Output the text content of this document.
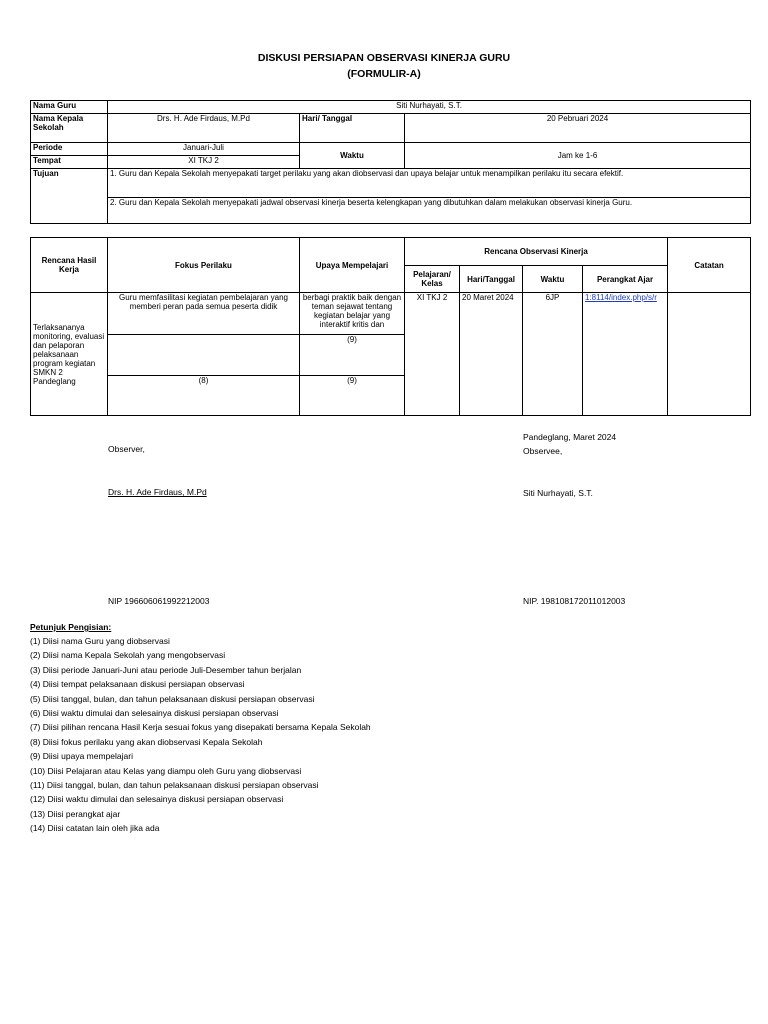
DISKUSI PERSIAPAN OBSERVASI KINERJA GURU
(FORMULIR-A)
Nama Guru	Siti Nurhayati, S.T.		
Nama Kepala Sekolah	Drs. H. Ade Firdaus, M.Pd	Hari/ Tanggal	20 Pebruari 2024
Periode	Januari-Juli	Waktu	Jam ke 1-6
Tempat	XI TKJ 2		
Tujuan	1. Guru dan Kepala Sekolah menyepakati target perilaku yang akan diobservasi dan upaya belajar untuk menampilkan perilaku itu secara efektif.		
	2. Guru dan Kepala Sekolah menyepakati jadwal observasi kinerja beserta kelengkapan yang dibutuhkan dalam melakukan observasi kinerja Guru.		
Rencana Hasil Kerja	Fokus Perilaku	Upaya Mempelajari	Rencana Observasi Kinerja				Catatan
			Pelajaran/ Kelas	Hari/Tanggal	Waktu	Perangkat Ajar	
Terlaksananya monitoring, evaluasi dan pelaporan pelaksanaan program kegiatan SMKN 2 Pandeglang	Guru memfasilitasi kegiatan pembelajaran yang memberi peran pada semua peserta didik	berbagi praktik baik dengan teman sejawat tentang kegiatan belajar yang interaktif kritis dan	XI TKJ 2	20 Maret 2024	6JP	1:8114/index.php/s/r	
		(9)					
	(8)	(9)					
Pandeglang, Maret 2024
Observer,	Observee,
Drs. H. Ade Firdaus, M.Pd	Siti Nurhayati, S.T.
NIP 196606061992212003	NIP. 198108172011012003
Petunjuk Pengisian:
(1) Diisi nama Guru yang diobservasi
(2) Diisi nama Kepala Sekolah yang mengobservasi
(3) Diisi periode Januari-Juni atau periode Juli-Desember tahun berjalan
(4) Diisi tempat pelaksanaan diskusi persiapan observasi
(5) Diisi tanggal, bulan, dan tahun pelaksanaan diskusi persiapan observasi
(6) Diisi waktu dimulai dan selesainya diskusi persiapan observasi
(7) Diisi pilihan rencana Hasil Kerja sesuai fokus yang disepakati bersama Kepala Sekolah
(8) Diisi fokus perilaku yang akan diobservasi Kepala Sekolah
(9) Diisi upaya mempelajari
(10) Diisi Pelajaran atau Kelas yang diampu oleh Guru yang diobservasi
(11) Diisi tanggal, bulan, dan tahun pelaksanaan diskusi persiapan observasi
(12) Diisi waktu dimulai dan selesainya diskusi persiapan observasi
(13) Diisi perangkat ajar
(14) Diisi catatan lain oleh jika ada
